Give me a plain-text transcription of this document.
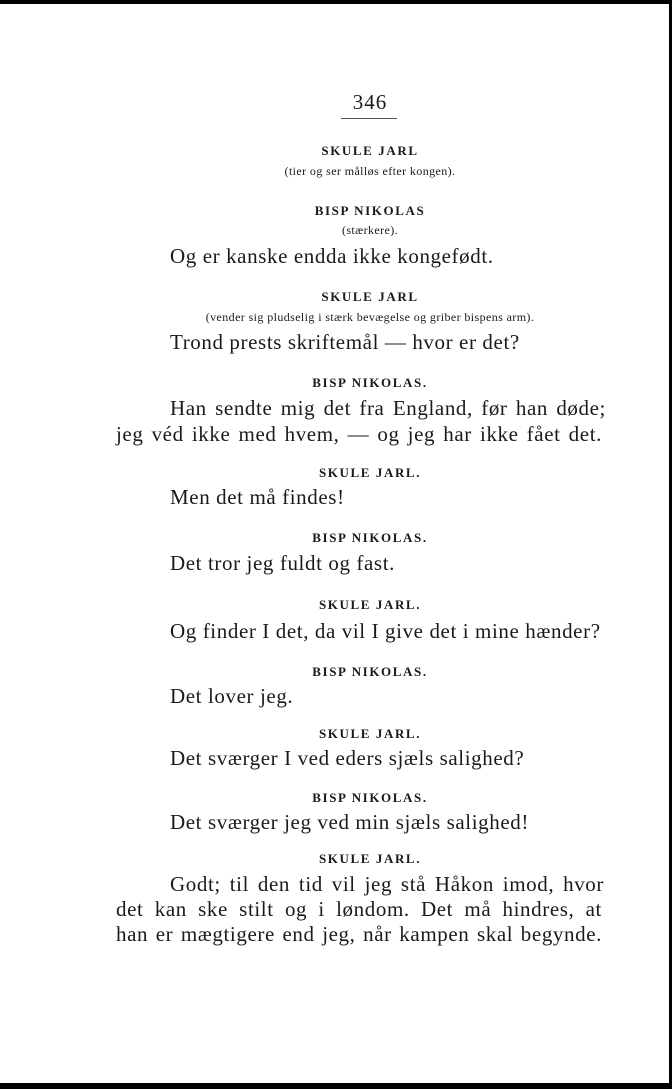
346
SKULE JARL
(tier og ser målløs efter kongen).
BISP NIKOLAS
(stærkere).
Og er kanske endda ikke kongefødt.
SKULE JARL
(vender sig pludselig i stærk bevægelse og griber bispens arm).
Trond prests skriftemål — hvor er det?
BISP NIKOLAS.
Han sendte mig det fra England, før han døde;
jeg véd ikke med hvem, — og jeg har ikke fået det.
SKULE JARL.
Men det må findes!
BISP NIKOLAS.
Det tror jeg fuldt og fast.
SKULE JARL.
Og finder I det, da vil I give det i mine hænder?
BISP NIKOLAS.
Det lover jeg.
SKULE JARL.
Det sværger I ved eders sjæls salighed?
BISP NIKOLAS.
Det sværger jeg ved min sjæls salighed!
SKULE JARL.
Godt; til den tid vil jeg stå Håkon imod, hvor
det kan ske stilt og i løndom. Det må hindres, at
han er mægtigere end jeg, når kampen skal begynde.
